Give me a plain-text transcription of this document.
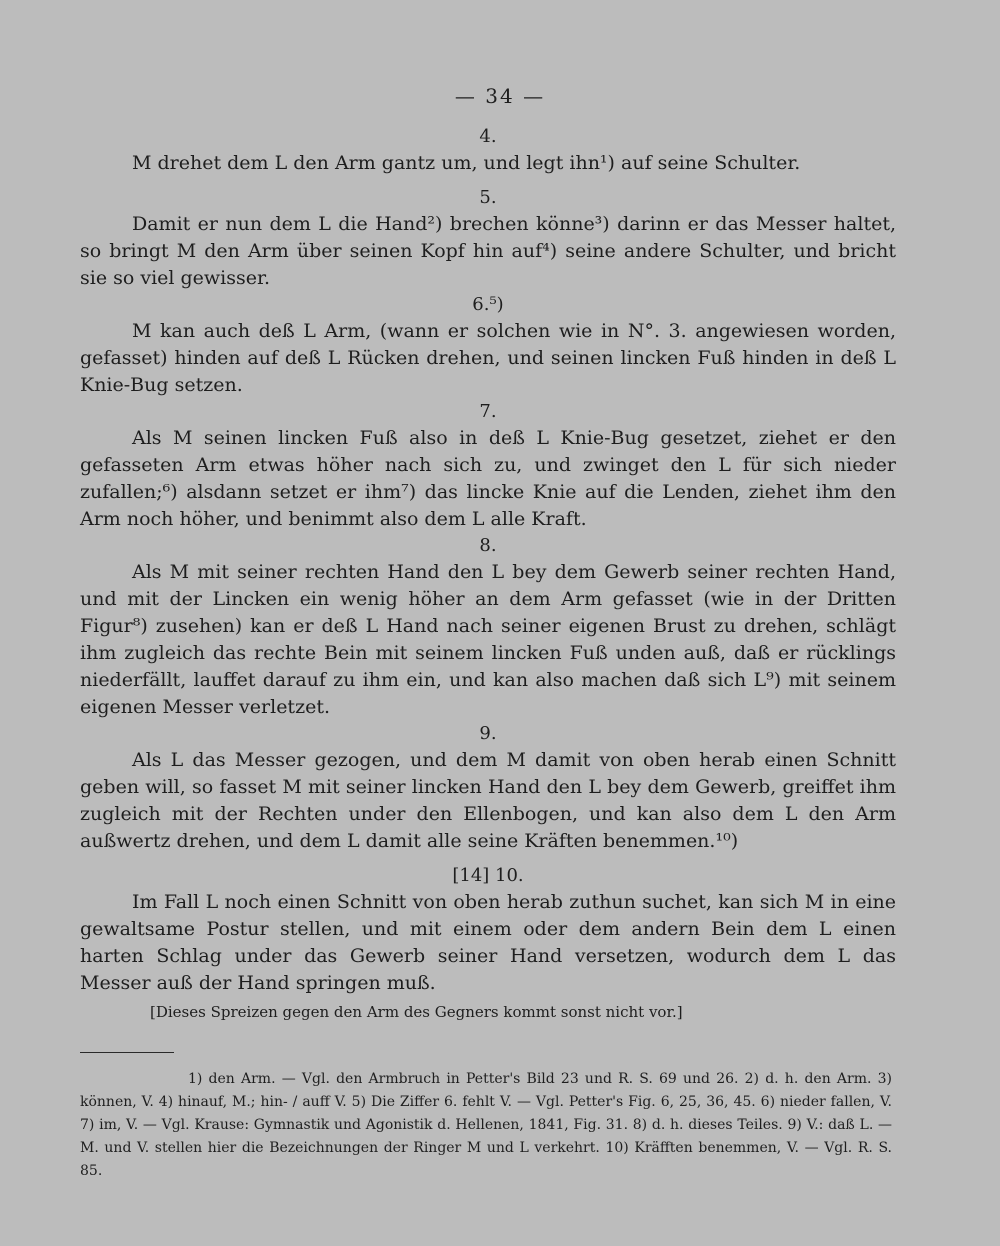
— 34 —
4.

M drehet dem L den Arm gantz um, und legt ihn¹) auf seine Schulter.

5.

Damit er nun dem L die Hand²) brechen könne³) darinn er das Messer haltet, so bringt M den Arm über seinen Kopf hin auf⁴) seine andere Schulter, und bricht sie so viel gewisser.

6.⁵)

M kan auch deß L Arm, (wann er solchen wie in N°. 3. angewiesen worden, gefasset) hinden auf deß L Rücken drehen, und seinen lincken Fuß hinden in deß L Knie-Bug setzen.

7.

Als M seinen lincken Fuß also in deß L Knie-Bug gesetzet, ziehet er den gefasseten Arm etwas höher nach sich zu, und zwinget den L für sich nieder zufallen;⁶) alsdann setzet er ihm⁷) das lincke Knie auf die Lenden, ziehet ihm den Arm noch höher, und benimmt also dem L alle Kraft.

8.

Als M mit seiner rechten Hand den L bey dem Gewerb seiner rechten Hand, und mit der Lincken ein wenig höher an dem Arm gefasset (wie in der Dritten Figur⁸) zusehen) kan er deß L Hand nach seiner eigenen Brust zu drehen, schlägt ihm zugleich das rechte Bein mit seinem lincken Fuß unden auß, daß er rücklings niederfällt, lauffet darauf zu ihm ein, und kan also machen daß sich L⁹) mit seinem eigenen Messer verletzet.

9.

Als L das Messer gezogen, und dem M damit von oben herab einen Schnitt geben will, so fasset M mit seiner lincken Hand den L bey dem Gewerb, greiffet ihm zugleich mit der Rechten under den Ellenbogen, und kan also dem L den Arm außwertz drehen, und dem L damit alle seine Kräften benemmen.¹⁰)

[14] 10.

Im Fall L noch einen Schnitt von oben herab zuthun suchet, kan sich M in eine gewaltsame Postur stellen, und mit einem oder dem andern Bein dem L einen harten Schlag under das Gewerb seiner Hand versetzen, wodurch dem L das Messer auß der Hand springen muß.

[Dieses Spreizen gegen den Arm des Gegners kommt sonst nicht vor.]
1) den Arm. — Vgl. den Armbruch in Petter's Bild 23 und R. S. 69 und 26. 2) d. h. den Arm. 3) können, V. 4) hinauf, M.; hin- / auff V. 5) Die Ziffer 6. fehlt V. — Vgl. Petter's Fig. 6, 25, 36, 45. 6) nieder fallen, V. 7) im, V. — Vgl. Krause: Gymnastik und Agonistik d. Hellenen, 1841, Fig. 31. 8) d. h. dieses Teiles. 9) V.: daß L. — M. und V. stellen hier die Bezeichnungen der Ringer M und L verkehrt. 10) Kräfften benemmen, V. — Vgl. R. S. 85.
